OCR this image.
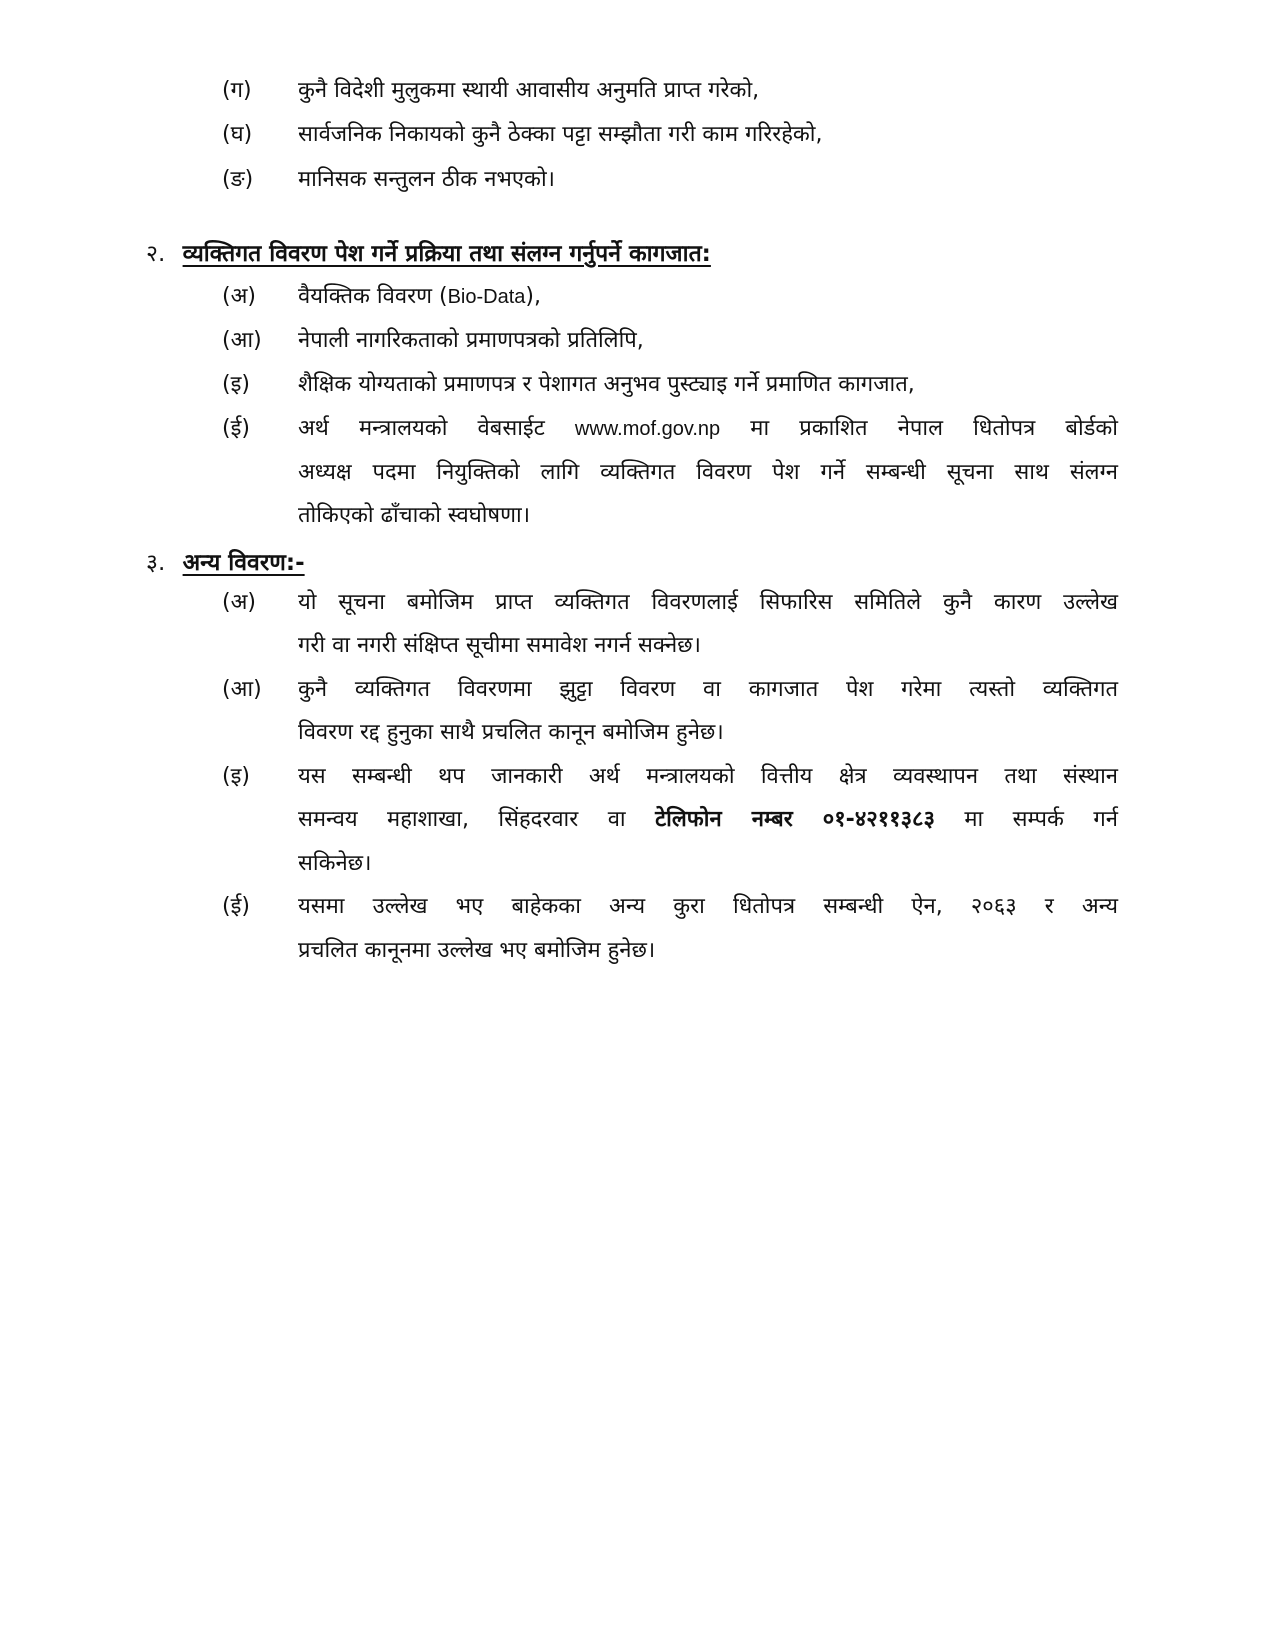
(ग) कुनै विदेशी मुलुकमा स्थायी आवासीय अनुमति प्राप्त गरेको,
(घ) सार्वजनिक निकायको कुनै ठेक्का पट्टा सम्झौता गरी काम गरिरहेको,
(ङ) मानिसक सन्तुलन ठीक नभएको।
२. व्यक्तिगत विवरण पेश गर्ने प्रक्रिया तथा संलग्न गर्नुपर्ने कागजात:
(अ) वैयक्तिक विवरण (Bio-Data),
(आ) नेपाली नागरिकताको प्रमाणपत्रको प्रतिलिपि,
(इ) शैक्षिक योग्यताको प्रमाणपत्र र पेशागत अनुभव पुस्ट्याइ गर्ने प्रमाणित कागजात,
(ई) अर्थ मन्त्रालयको वेबसाईट www.mof.gov.np मा प्रकाशित नेपाल धितोपत्र बोर्डको
अध्यक्ष पदमा नियुक्तिको लागि व्यक्तिगत विवरण पेश गर्ने सम्बन्धी सूचना साथ संलग्न
तोकिएको ढाँचाको स्वघोषणा।
३. अन्य विवरण:-
(अ) यो सूचना बमोजिम प्राप्त व्यक्तिगत विवरणलाई सिफारिस समितिले कुनै कारण उल्लेख
गरी वा नगरी संक्षिप्त सूचीमा समावेश नगर्न सक्नेछ।
(आ) कुनै व्यक्तिगत विवरणमा झुट्टा विवरण वा कागजात पेश गरेमा त्यस्तो व्यक्तिगत
विवरण रद्द हुनुका साथै प्रचलित कानून बमोजिम हुनेछ।
(इ) यस सम्बन्धी थप जानकारी अर्थ मन्त्रालयको वित्तीय क्षेत्र व्यवस्थापन तथा संस्थान
समन्वय महाशाखा, सिंहदरवार वा टेलिफोन नम्बर ०१-४२११३८३ मा सम्पर्क गर्न
सकिनेछ।
(ई) यसमा उल्लेख भए बाहेकका अन्य कुरा धितोपत्र सम्बन्धी ऐन, २०६३ र अन्य
प्रचलित कानूनमा उल्लेख भए बमोजिम हुनेछ।
